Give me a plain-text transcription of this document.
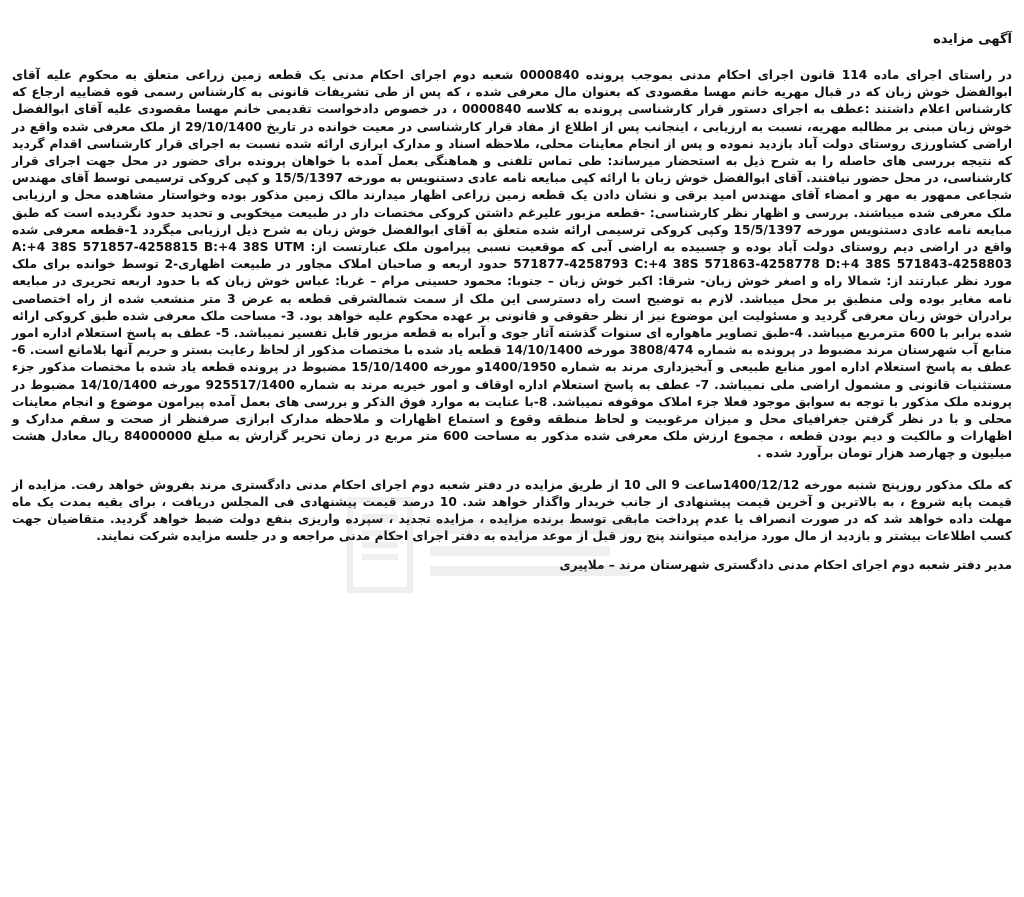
آگهی مزایده

در راستای اجرای ماده 114 قانون اجرای احکام مدنی بموجب پرونده 0000840 شعبه دوم اجرای احکام مدنی یک قطعه زمین زراعی متعلق به محکوم علیه آقای ابوالفضل خوش زبان که در قبال مهریه خانم مهسا مقصودی که بعنوان مال معرفی شده ، که پس از طی تشریفات قانونی به کارشناس رسمی قوه قضاییه ارجاع که کارشناس اعلام داشتند :عطف به اجرای دستور قرار کارشناسی پرونده به کلاسه 0000840 ، در خصوص دادخواست تقدیمی خانم مهسا مقصودی علیه آقای ابوالفضل خوش زبان مبنی بر مطالبه مهریه، نسبت به ارزیابی ، اینجانب پس از اطلاع از مفاد قرار کارشناسی در معیت خوانده در تاریخ 29/10/1400 از ملک معرفی شده واقع در اراضی کشاورزی روستای دولت آباد بازدید نموده و پس از انجام معاینات محلی، ملاحظه اسناد و مدارک ابرازی ارائه شده نسبت به اجرای قرار کارشناسی اقدام گردید که نتیجه بررسی های حاصله را به شرح ذیل به استحضار میرساند: طی تماس تلفنی و هماهنگی بعمل آمده با خواهان پرونده برای حضور در محل جهت اجرای قرار کارشناسی، در محل حضور نیافتند. آقای ابوالفضل خوش زبان با ارائه کپی مبایعه نامه عادی دستنویس به مورخه 15/5/1397 و کپی کروکی ترسیمی توسط آقای مهندس شجاعی ممهور به مهر و امضاء آقای مهندس امید برقی و نشان دادن یک قطعه زمین زراعی اظهار میدارند مالک زمین مذکور بوده وخواستار مشاهده محل و ارزیابی ملک معرفی شده میباشند. بررسی و اظهار نظر کارشناسی: -قطعه مزبور علیرغم داشتن کروکی مختصات دار در طبیعت میخکوبی و تحدید حدود نگردیده است که طبق مبایعه نامه عادی دستنویس مورخه 15/5/1397 وکپی کروکی ترسیمی ارائه شده متعلق به آقای ابوالفضل خوش زبان به شرح ذیل ارزیابی میگردد 1-قطعه معرفی شده واقع در اراضی دیم روستای دولت آباد بوده و چسبیده به اراضی آبی که موقعیت نسبی پیرامون ملک عبارتست از: UTM‏ A:+4 38S 571857-4258815 B:+4 38S 571877-4258793 C:+4 38S 571863-4258778 D:+4 38S 571843-4258803 حدود اربعه و صاحبان املاک مجاور در طبیعت اظهاری-2 توسط خوانده برای ملک مورد نظر عبارتند از: شمالا راه و اصغر خوش زبان- شرقا: اکبر خوش زبان – جنوبا: محمود حسینی مرام – غربا: عباس خوش زبان که با حدود اربعه تحریری در مبایعه نامه مغایر بوده ولی منطبق بر محل میباشد. لازم به توضیح است راه دسترسی این ملک از سمت شمالشرقی قطعه به عرض 3 متر منشعب شده از راه اختصاصی برادران خوش زبان معرفی گردید و مسئولیت این موضوع نیز از نظر حقوقی و قانونی بر عهده محکوم علیه خواهد بود. 3- مساحت ملک معرفی شده طبق کروکی ارائه شده برابر با 600 مترمربع میباشد. 4-طبق تصاویر ماهواره ای سنوات گذشته آثار جوی و آبراه به قطعه مزبور قابل تفسیر نمیباشد. 5- عطف به پاسخ استعلام اداره امور منابع آب شهرستان مرند مضبوط در پرونده به شماره 3808/474 مورخه 14/10/1400 قطعه یاد شده با مختصات مذکور از لحاظ رعایت بستر و حریم آنها بلامانع است. 6- عطف به پاسخ استعلام اداره امور منابع طبیعی و آبخیزداری مرند به شماره 1400/1950و مورخه 15/10/1400 مضبوط در پرونده قطعه یاد شده با مختصات مذکور جزء مستثنیات قانونی و مشمول اراضی ملی نمیباشد. 7- عطف به پاسخ استعلام اداره اوقاف و امور خیریه مرند به شماره 925517/1400 مورخه 14/10/1400 مضبوط در پرونده ملک مذکور با توجه به سوابق موجود فعلا جزء املاک موقوفه نمیباشد. 8-با عنایت به موارد فوق الذکر و بررسی های بعمل آمده پیرامون موضوع و انجام معاینات محلی و با در نظر گرفتن جغرافیای محل و میزان مرغوبیت و لحاظ منطقه وقوع و استماع اظهارات و ملاحظه مدارک ابرازی صرفنظر از صحت و سقم مدارک و اظهارات و مالکیت و دیم بودن قطعه ، مجموع ارزش ملک معرفی شده مذکور به مساحت 600 متر مربع در زمان تحریر گزارش به مبلغ 84000000 ریال معادل هشت میلیون و چهارصد هزار تومان برآورد شده .

که ملک مذکور روزپنج شنبه مورخه 1400/12/12ساعت 9 الی 10 از طریق مزایده در دفتر شعبه دوم اجرای احکام مدنی دادگستری مرند بفروش خواهد رفت. مزایده از قیمت پایه شروع ، به بالاترین و آخرین قیمت پیشنهادی از جانب خریدار واگذار خواهد شد. 10 درصد قیمت پیشنهادی فی المجلس دریافت ، برای بقیه بمدت یک ماه مهلت داده خواهد شد که در صورت انصراف یا عدم پرداخت مابقی توسط برنده مزایده ، مزایده تجدید ، سپرده واریزی بنفع دولت ضبط خواهد گردید. متقاضیان جهت کسب اطلاعات بیشتر و بازدید از مال مورد مزایده میتوانند پنج روز قبل از موعد مزایده به دفتر اجرای احکام مدنی مراجعه و در جلسه مزایده شرکت نمایند.

مدیر دفتر شعبه دوم اجرای احکام مدنی دادگستری شهرستان مرند – ملاپیری
